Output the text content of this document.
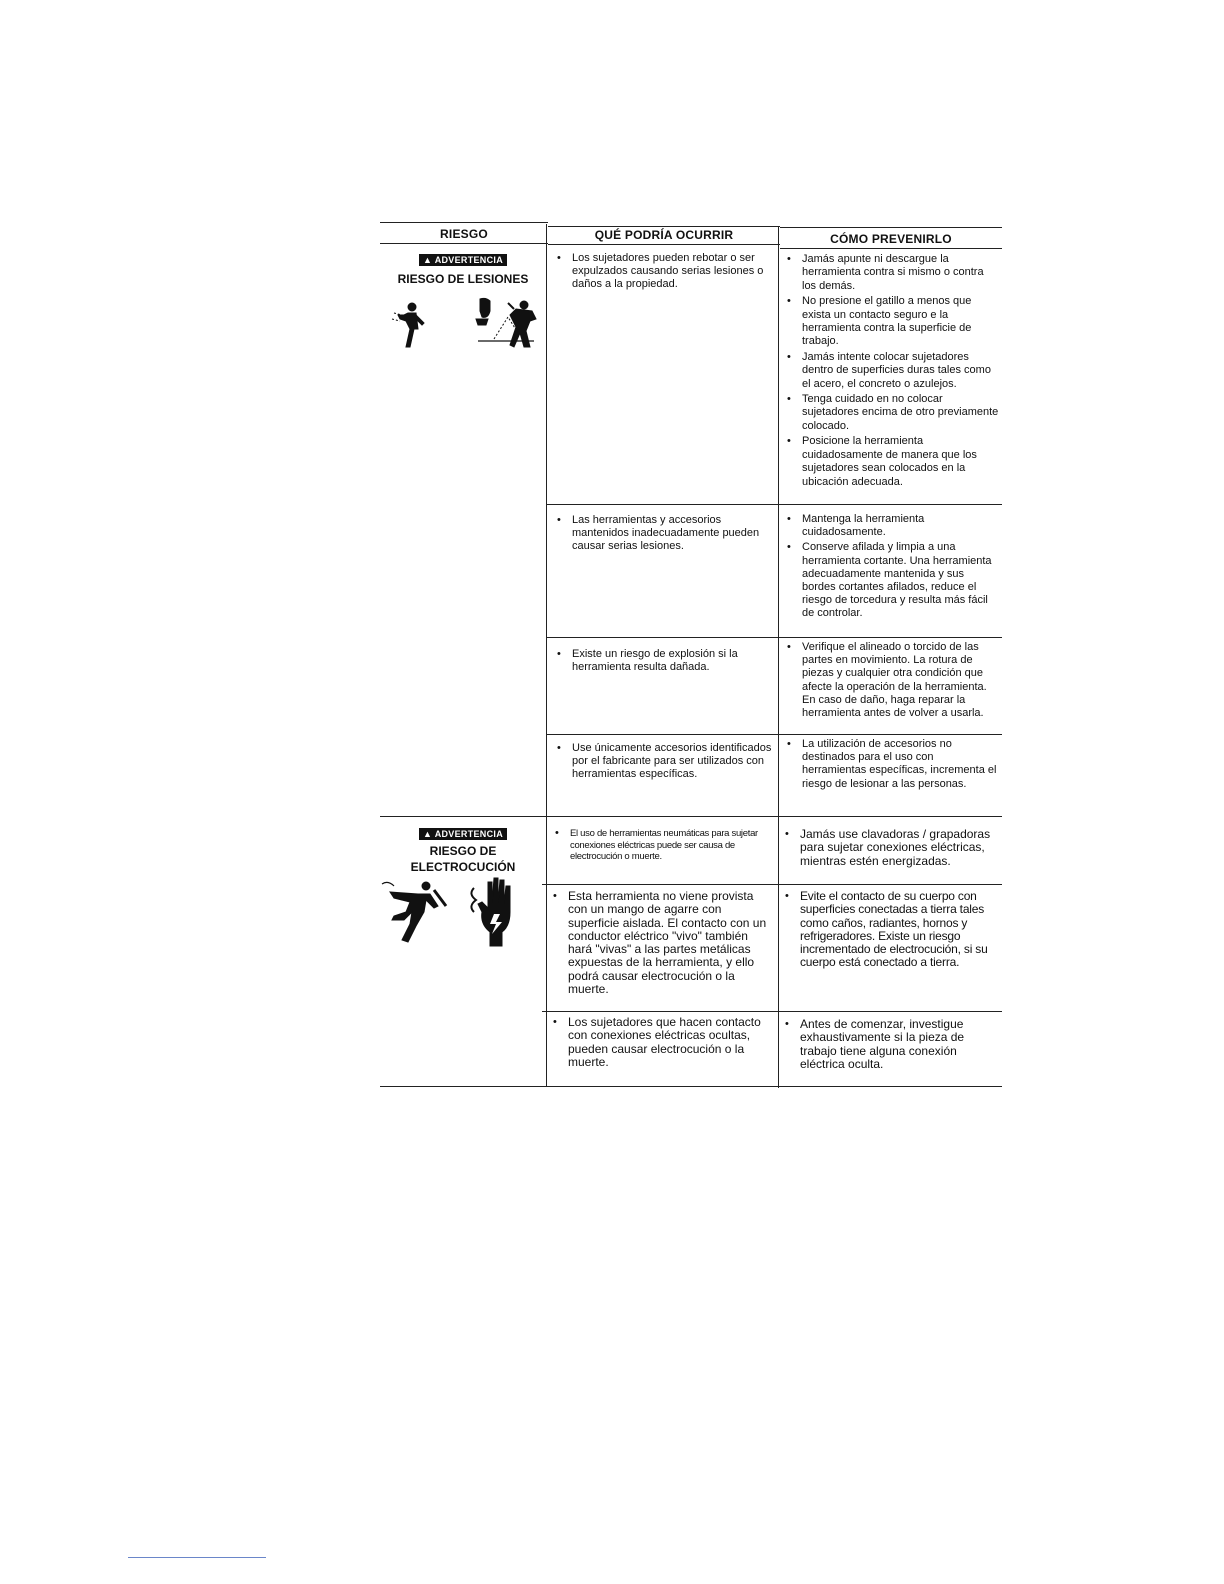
RIESGO	QUÉ PODRÍA OCURRIR	CÓMO PREVENIRLO
▲ ADVERTENCIA
RIESGO DE LESIONES
• Los sujetadores pueden rebotar o ser expulzados causando serias lesiones o daños a la propiedad.
• Jamás apunte ni descargue la herramienta contra si mismo o contra los demás.
• No presione el gatillo a menos que exista un contacto seguro e la herramienta contra la superficie de trabajo.
• Jamás intente colocar sujetadores dentro de superficies duras tales como el acero, el concreto o azulejos.
• Tenga cuidado en no colocar sujetadores encima de otro previamente colocado.
• Posicione la herramienta cuidadosamente de manera que los sujetadores sean colocados en la ubicación adecuada.
• Las herramientas y accesorios mantenidos inadecuadamente pueden causar serias lesiones.
• Mantenga la herramienta cuidadosamente.
• Conserve afilada y limpia a una herramienta cortante. Una herramienta adecuadamente mantenida y sus bordes cortantes afilados, reduce el riesgo de torcedura y resulta más fácil de controlar.
• Existe un riesgo de explosión si la herramienta resulta dañada.
• Verifique el alineado o torcido de las partes en movimiento. La rotura de piezas y cualquier otra condición que afecte la operación de la herramienta. En caso de daño, haga reparar la herramienta antes de volver a usarla.
• Use únicamente accesorios identificados por el fabricante para ser utilizados con herramientas específicas.
• La utilización de accesorios no destinados para el uso con herramientas específicas, incrementa el riesgo de lesionar a las personas.
▲ ADVERTENCIA
RIESGO DE
ELECTROCUCIÓN
• El uso de herramientas neumáticas para sujetar conexiones eléctricas puede ser causa de electrocución o muerte.
• Jamás use clavadoras / grapadoras para sujetar conexiones eléctricas, mientras estén energizadas.
• Esta herramienta no viene provista con un mango de agarre con superficie aislada. El contacto con un conductor eléctrico "vivo" también hará "vivas" a las partes metálicas expuestas de la herramienta, y ello podrá causar electrocución o la muerte.
• Evite el contacto de su cuerpo con superficies conectadas a tierra tales como caños, radiantes, hornos y refrigeradores. Existe un riesgo incrementado de electrocución, si su cuerpo está conectado a tierra.
• Los sujetadores que hacen contacto con conexiones eléctricas ocultas, pueden causar electrocución o la muerte.
• Antes de comenzar, investigue exhaustivamente si la pieza de trabajo tiene alguna conexión eléctrica oculta.
